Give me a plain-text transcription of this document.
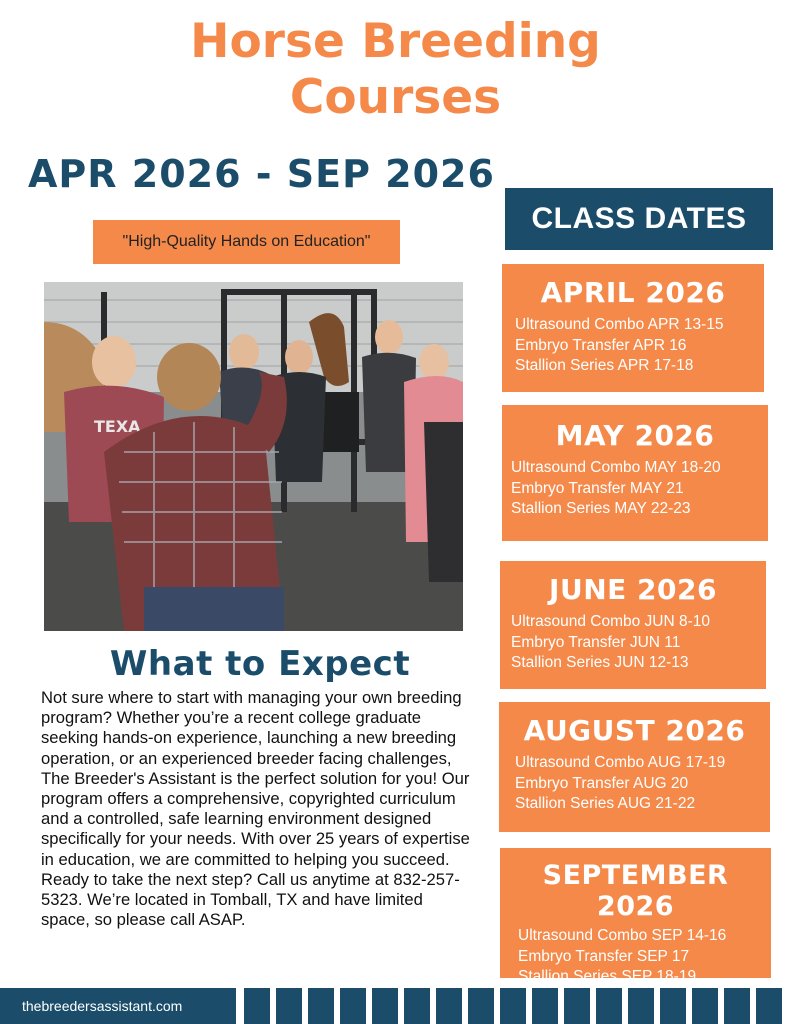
Horse Breeding
Courses
APR 2026 - SEP 2026
"High-Quality Hands on Education"
TEXA
What to Expect
Not sure where to start with managing your own breeding program? Whether you’re a recent college graduate seeking hands-on experience, launching a new breeding operation, or an experienced breeder facing challenges, The Breeder's Assistant is the perfect solution for you! Our program offers a comprehensive, copyrighted curriculum and a controlled, safe learning environment designed specifically for your needs. With over 25 years of expertise in education, we are committed to helping you succeed. Ready to take the next step? Call us anytime at 832-257-5323. We’re located in Tomball, TX and have limited space, so please call ASAP.
CLASS DATES
APRIL 2026
Ultrasound Combo APR 13-15
Embryo Transfer APR 16
Stallion Series APR 17-18
MAY 2026
Ultrasound Combo MAY 18-20
Embryo Transfer MAY 21
Stallion Series MAY 22-23
JUNE 2026
Ultrasound Combo JUN 8-10
Embryo Transfer JUN 11
Stallion Series JUN 12-13
AUGUST 2026
Ultrasound Combo AUG 17-19
Embryo Transfer AUG 20
Stallion Series AUG 21-22
SEPTEMBER 2026
Ultrasound Combo SEP 14-16
Embryo Transfer SEP 17
Stallion Series SEP 18-19
thebreedersassistant.com
